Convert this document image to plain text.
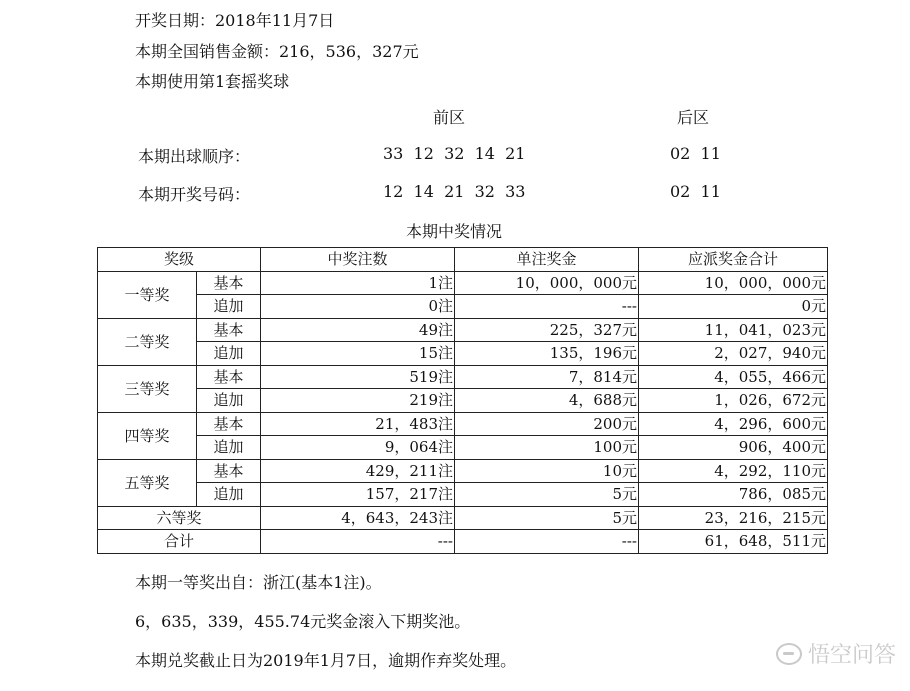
开奖日期：2018年11月7日
本期全国销售金额：216，536，327元
本期使用第1套摇奖球
前区	后区
本期出球顺序：	33  12  32  14  21	02  11
本期开奖号码：	12  14  21  32  33	02  11
本期中奖情况
奖级		中奖注数	单注奖金	应派奖金合计
一等奖	基本	1注	10，000，000元	10，000，000元
	追加	0注	---	0元
二等奖	基本	49注	225，327元	11，041，023元
	追加	15注	135，196元	2，027，940元
三等奖	基本	519注	7，814元	4，055，466元
	追加	219注	4，688元	1，026，672元
四等奖	基本	21，483注	200元	4，296，600元
	追加	9，064注	100元	906，400元
五等奖	基本	429，211注	10元	4，292，110元
	追加	157，217注	5元	786，085元
六等奖		4，643，243注	5元	23，216，215元
合计		---	---	61，648，511元
本期一等奖出自：浙江(基本1注)。
6，635，339，455.74元奖金滚入下期奖池。
本期兑奖截止日为2019年1月7日，逾期作弃奖处理。	悟空问答
